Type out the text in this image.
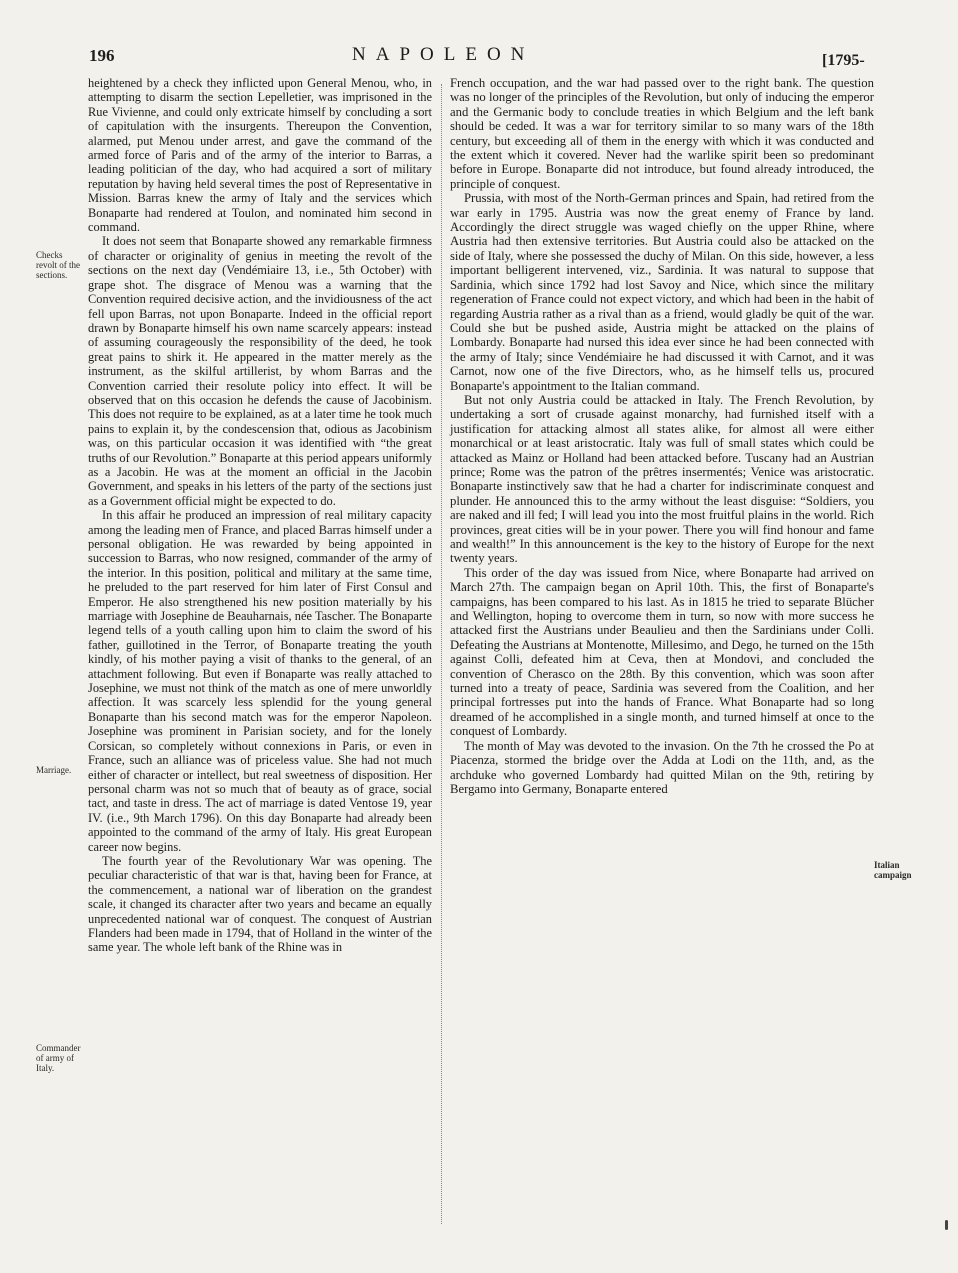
196	NAPOLEON	[1795-
Checks revolt of the sections.
Marriage.
Commander of army of Italy.
Italian campaign

heightened by a check they inflicted upon General Menou, who, in attempting to disarm the section Lepelletier, was imprisoned in the Rue Vivienne, and could only extricate himself by concluding a sort of capitulation with the insurgents. Thereupon the Convention, alarmed, put Menou under arrest, and gave the command of the armed force of Paris and of the army of the interior to Barras, a leading politician of the day, who had acquired a sort of military reputation by having held several times the post of Representative in Mission. Barras knew the army of Italy and the services which Bonaparte had rendered at Toulon, and nominated him second in command.

It does not seem that Bonaparte showed any remarkable firmness of character or originality of genius in meeting the revolt of the sections on the next day (Vendémiaire 13, i.e., 5th October) with grape shot. The disgrace of Menou was a warning that the Convention required decisive action, and the invidiousness of the act fell upon Barras, not upon Bonaparte. Indeed in the official report drawn by Bonaparte himself his own name scarcely appears: instead of assuming courageously the responsibility of the deed, he took great pains to shirk it. He appeared in the matter merely as the instrument, as the skilful artillerist, by whom Barras and the Convention carried their resolute policy into effect. It will be observed that on this occasion he defends the cause of Jacobinism. This does not require to be explained, as at a later time he took much pains to explain it, by the condescension that, odious as Jacobinism was, on this particular occasion it was identified with “the great truths of our Revolution.” Bonaparte at this period appears uniformly as a Jacobin. He was at the moment an official in the Jacobin Government, and speaks in his letters of the party of the sections just as a Government official might be expected to do.

In this affair he produced an impression of real military capacity among the leading men of France, and placed Barras himself under a personal obligation. He was rewarded by being appointed in succession to Barras, who now resigned, commander of the army of the interior. In this position, political and military at the same time, he preluded to the part reserved for him later of First Consul and Emperor. He also strengthened his new position materially by his marriage with Josephine de Beauharnais, née Tascher. The Bonaparte legend tells of a youth calling upon him to claim the sword of his father, guillotined in the Terror, of Bonaparte treating the youth kindly, of his mother paying a visit of thanks to the general, of an attachment following. But even if Bonaparte was really attached to Josephine, we must not think of the match as one of mere unworldly affection. It was scarcely less splendid for the young general Bonaparte than his second match was for the emperor Napoleon. Josephine was prominent in Parisian society, and for the lonely Corsican, so completely without connexions in Paris, or even in France, such an alliance was of priceless value. She had not much either of character or intellect, but real sweetness of disposition. Her personal charm was not so much that of beauty as of grace, social tact, and taste in dress. The act of marriage is dated Ventose 19, year IV. (i.e., 9th March 1796). On this day Bonaparte had already been appointed to the command of the army of Italy. His great European career now begins.

The fourth year of the Revolutionary War was opening. The peculiar characteristic of that war is that, having been for France, at the commencement, a national war of liberation on the grandest scale, it changed its character after two years and became an equally unprecedented national war of conquest. The conquest of Austrian Flanders had been made in 1794, that of Holland in the winter of the same year. The whole left bank of the Rhine was in

French occupation, and the war had passed over to the right bank. The question was no longer of the principles of the Revolution, but only of inducing the emperor and the Germanic body to conclude treaties in which Belgium and the left bank should be ceded. It was a war for territory similar to so many wars of the 18th century, but exceeding all of them in the energy with which it was conducted and the extent which it covered. Never had the warlike spirit been so predominant before in Europe. Bonaparte did not introduce, but found already introduced, the principle of conquest.

Prussia, with most of the North-German princes and Spain, had retired from the war early in 1795. Austria was now the great enemy of France by land. Accordingly the direct struggle was waged chiefly on the upper Rhine, where Austria had then extensive territories. But Austria could also be attacked on the side of Italy, where she possessed the duchy of Milan. On this side, however, a less important belligerent intervened, viz., Sardinia. It was natural to suppose that Sardinia, which since 1792 had lost Savoy and Nice, which since the military regeneration of France could not expect victory, and which had been in the habit of regarding Austria rather as a rival than as a friend, would gladly be quit of the war. Could she but be pushed aside, Austria might be attacked on the plains of Lombardy. Bonaparte had nursed this idea ever since he had been connected with the army of Italy; since Vendémiaire he had discussed it with Carnot, and it was Carnot, now one of the five Directors, who, as he himself tells us, procured Bonaparte's appointment to the Italian command.

But not only Austria could be attacked in Italy. The French Revolution, by undertaking a sort of crusade against monarchy, had furnished itself with a justification for attacking almost all states alike, for almost all were either monarchical or at least aristocratic. Italy was full of small states which could be attacked as Mainz or Holland had been attacked before. Tuscany had an Austrian prince; Rome was the patron of the prêtres insermentés; Venice was aristocratic. Bonaparte instinctively saw that he had a charter for indiscriminate conquest and plunder. He announced this to the army without the least disguise: “Soldiers, you are naked and ill fed; I will lead you into the most fruitful plains in the world. Rich provinces, great cities will be in your power. There you will find honour and fame and wealth!” In this announcement is the key to the history of Europe for the next twenty years.

This order of the day was issued from Nice, where Bonaparte had arrived on March 27th. The campaign began on April 10th. This, the first of Bonaparte's campaigns, has been compared to his last. As in 1815 he tried to separate Blücher and Wellington, hoping to overcome them in turn, so now with more success he attacked first the Austrians under Beaulieu and then the Sardinians under Colli. Defeating the Austrians at Montenotte, Millesimo, and Dego, he turned on the 15th against Colli, defeated him at Ceva, then at Mondovi, and concluded the convention of Cherasco on the 28th. By this convention, which was soon after turned into a treaty of peace, Sardinia was severed from the Coalition, and her principal fortresses put into the hands of France. What Bonaparte had so long dreamed of he accomplished in a single month, and turned himself at once to the conquest of Lombardy.

The month of May was devoted to the invasion. On the 7th he crossed the Po at Piacenza, stormed the bridge over the Adda at Lodi on the 11th, and, as the archduke who governed Lombardy had quitted Milan on the 9th, retiring by Bergamo into Germany, Bonaparte entered
